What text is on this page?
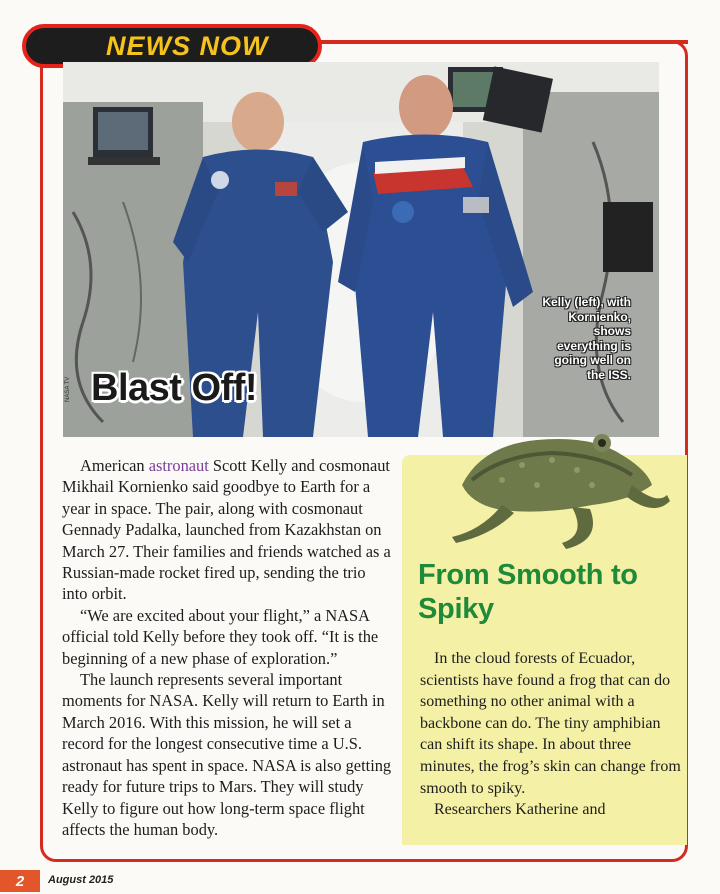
NEWS NOW
Blast Off!
Kelly (left), with Kornienko, shows everything is going well on the ISS.
NASA TV

American astronaut Scott Kelly and cosmonaut Mikhail Kornienko said goodbye to Earth for a year in space. The pair, along with cosmonaut Gennady Padalka, launched from Kazakhstan on March 27. Their families and friends watched as a Russian-made rocket fired up, sending the trio into orbit.

“We are excited about your flight,” a NASA official told Kelly before they took off. “It is the beginning of a new phase of exploration.”

The launch represents several important moments for NASA. Kelly will return to Earth in March 2016. With this mission, he will set a record for the longest consecutive time a U.S. astronaut has spent in space. NASA is also getting ready for future trips to Mars. They will study Kelly to figure out how long-term space flight affects the human body.

From Smooth to Spiky

In the cloud forests of Ecuador, scientists have found a frog that can do something no other animal with a backbone can do. The tiny amphibian can shift its shape. In about three minutes, the frog’s skin can change from smooth to spiky.

Researchers Katherine and

2	August 2015
